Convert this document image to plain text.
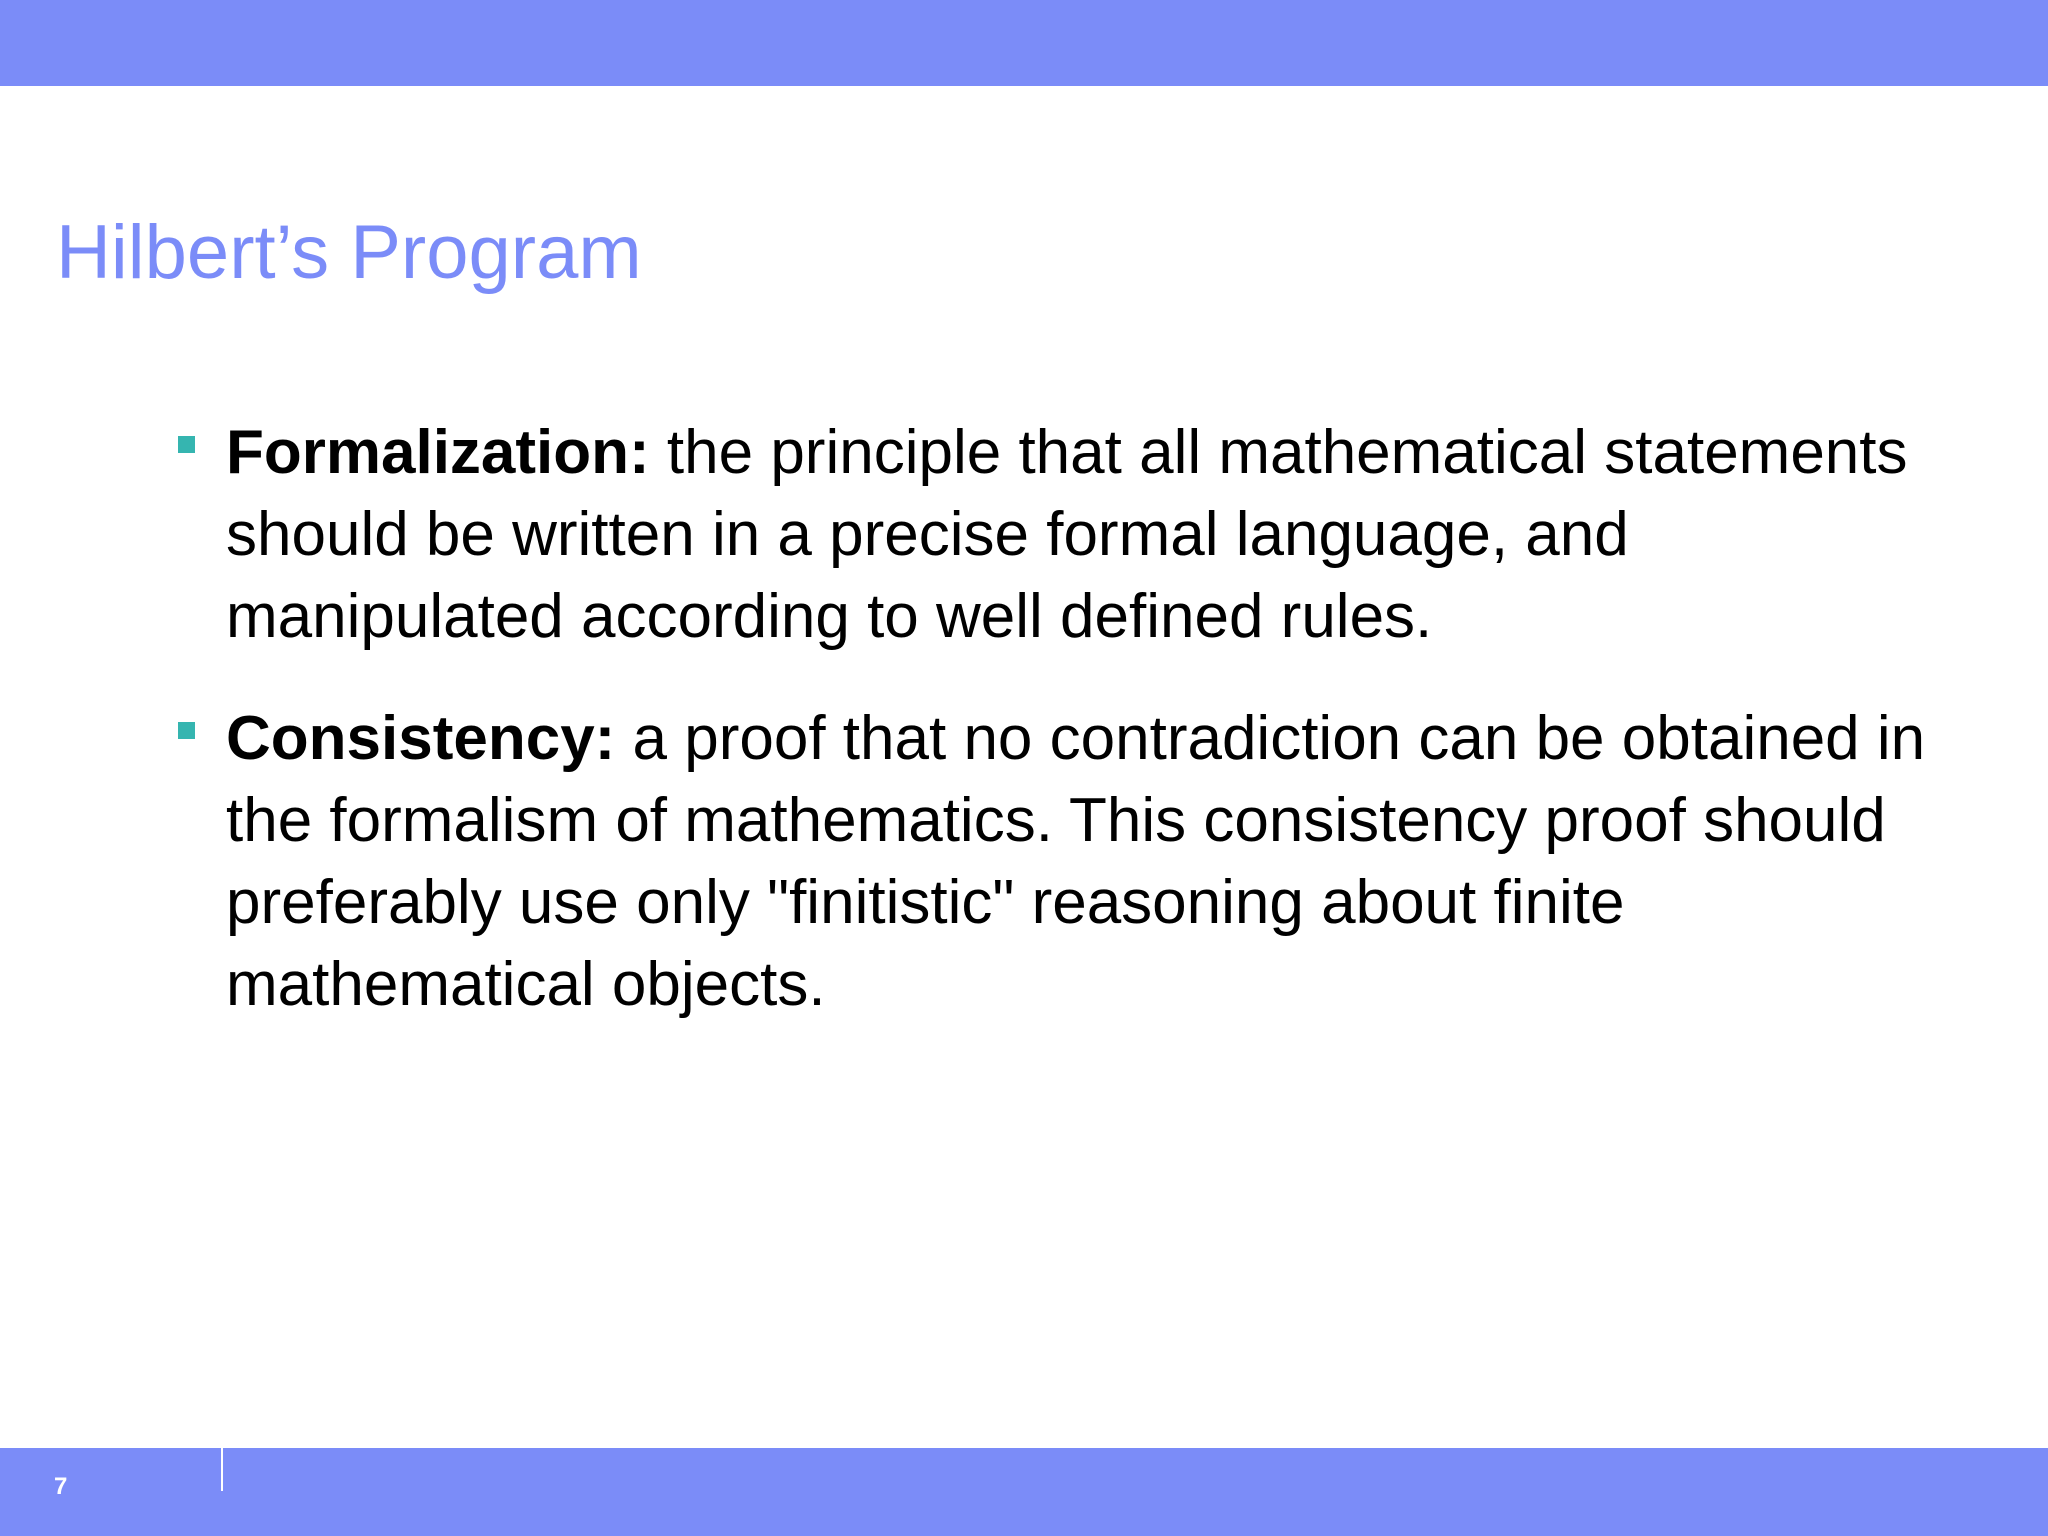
Hilbert’s Program
Formalization: the principle that all mathematical statements should be written in a precise formal language, and manipulated according to well defined rules.
Consistency: a proof that no contradiction can be obtained in the formalism of mathematics. This consistency proof should preferably use only "finitistic" reasoning about finite mathematical objects.
7
